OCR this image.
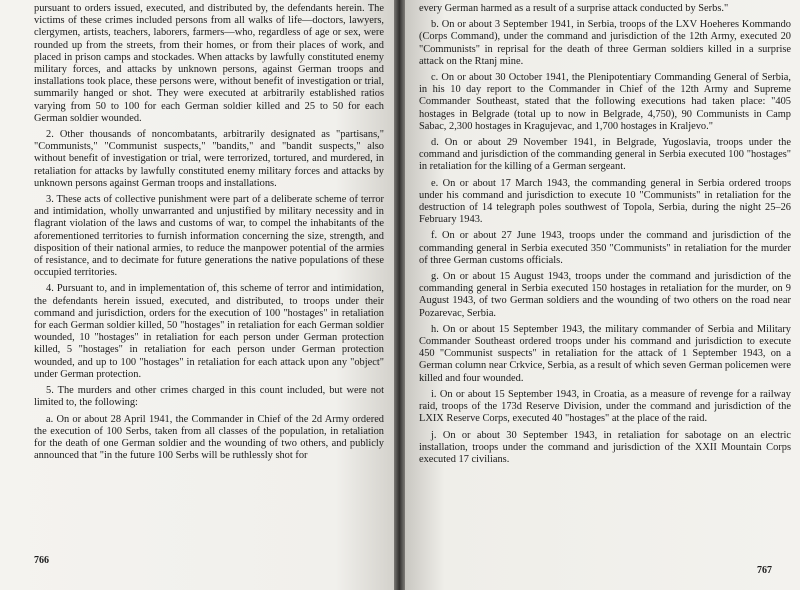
pursuant to orders issued, executed, and distributed by, the defendants herein. The victims of these crimes included persons from all walks of life—doctors, lawyers, clergymen, artists, teachers, laborers, farmers—who, regardless of age or sex, were rounded up from the streets, from their homes, or from their places of work, and placed in prison camps and stockades. When attacks by lawfully constituted enemy military forces, and attacks by unknown persons, against German troops and installations took place, these persons were, without benefit of investigation or trial, summarily hanged or shot. They were executed at arbitrarily established ratios varying from 50 to 100 for each German soldier killed and 25 to 50 for each German soldier wounded.

2. Other thousands of noncombatants, arbitrarily designated as "partisans," "Communists," "Communist suspects," "bandits," and "bandit suspects," also without benefit of investigation or trial, were terrorized, tortured, and murdered, in retaliation for attacks by lawfully constituted enemy military forces and attacks by unknown persons against German troops and installations.

3. These acts of collective punishment were part of a deliberate scheme of terror and intimidation, wholly unwarranted and unjustified by military necessity and in flagrant violation of the laws and customs of war, to compel the inhabitants of the aforementioned territories to furnish information concerning the size, strength, and disposition of their national armies, to reduce the manpower potential of the armies of resistance, and to decimate for future generations the native populations of these occupied territories.

4. Pursuant to, and in implementation of, this scheme of terror and intimidation, the defendants herein issued, executed, and distributed, to troops under their command and jurisdiction, orders for the execution of 100 "hostages" in retaliation for each German soldier killed, 50 "hostages" in retaliation for each German soldier wounded, 10 "hostages" in retaliation for each person under German protection killed, 5 "hostages" in retaliation for each person under German protection wounded, and up to 100 "hostages" in retaliation for each attack upon any "object" under German protection.

5. The murders and other crimes charged in this count included, but were not limited to, the following:

a. On or about 28 April 1941, the Commander in Chief of the 2d Army ordered the execution of 100 Serbs, taken from all classes of the population, in retaliation for the death of one German soldier and the wounding of two others, and publicly announced that "in the future 100 Serbs will be ruthlessly shot for

766

every German harmed as a result of a surprise attack conducted by Serbs."

b. On or about 3 September 1941, in Serbia, troops of the LXV Hoeheres Kommando (Corps Command), under the command and jurisdiction of the 12th Army, executed 20 "Communists" in reprisal for the death of three German soldiers killed in a surprise attack on the Rtanj mine.

c. On or about 30 October 1941, the Plenipotentiary Commanding General of Serbia, in his 10 day report to the Commander in Chief of the 12th Army and Supreme Commander Southeast, stated that the following executions had taken place: "405 hostages in Belgrade (total up to now in Belgrade, 4,750), 90 Communists in Camp Sabac, 2,300 hostages in Kragujevac, and 1,700 hostages in Kraljevo."

d. On or about 29 November 1941, in Belgrade, Yugoslavia, troops under the command and jurisdiction of the commanding general in Serbia executed 100 "hostages" in retaliation for the killing of a German sergeant.

e. On or about 17 March 1943, the commanding general in Serbia ordered troops under his command and jurisdiction to execute 10 "Communists" in retaliation for the destruction of 14 telegraph poles southwest of Topola, Serbia, during the night 25–26 February 1943.

f. On or about 27 June 1943, troops under the command and jurisdiction of the commanding general in Serbia executed 350 "Communists" in retaliation for the murder of three German customs officials.

g. On or about 15 August 1943, troops under the command and jurisdiction of the commanding general in Serbia executed 150 hostages in retaliation for the murder, on 9 August 1943, of two German soldiers and the wounding of two others on the road near Pozarevac, Serbia.

h. On or about 15 September 1943, the military commander of Serbia and Military Commander Southeast ordered troops under his command and jurisdiction to execute 450 "Communist suspects" in retaliation for the attack of 1 September 1943, on a German column near Crkvice, Serbia, as a result of which seven German policemen were killed and four wounded.

i. On or about 15 September 1943, in Croatia, as a measure of revenge for a railway raid, troops of the 173d Reserve Division, under the command and jurisdiction of the LXIX Reserve Corps, executed 40 "hostages" at the place of the raid.

j. On or about 30 September 1943, in retaliation for sabotage on an electric installation, troops under the command and jurisdiction of the XXII Mountain Corps executed 17 civilians.

767
